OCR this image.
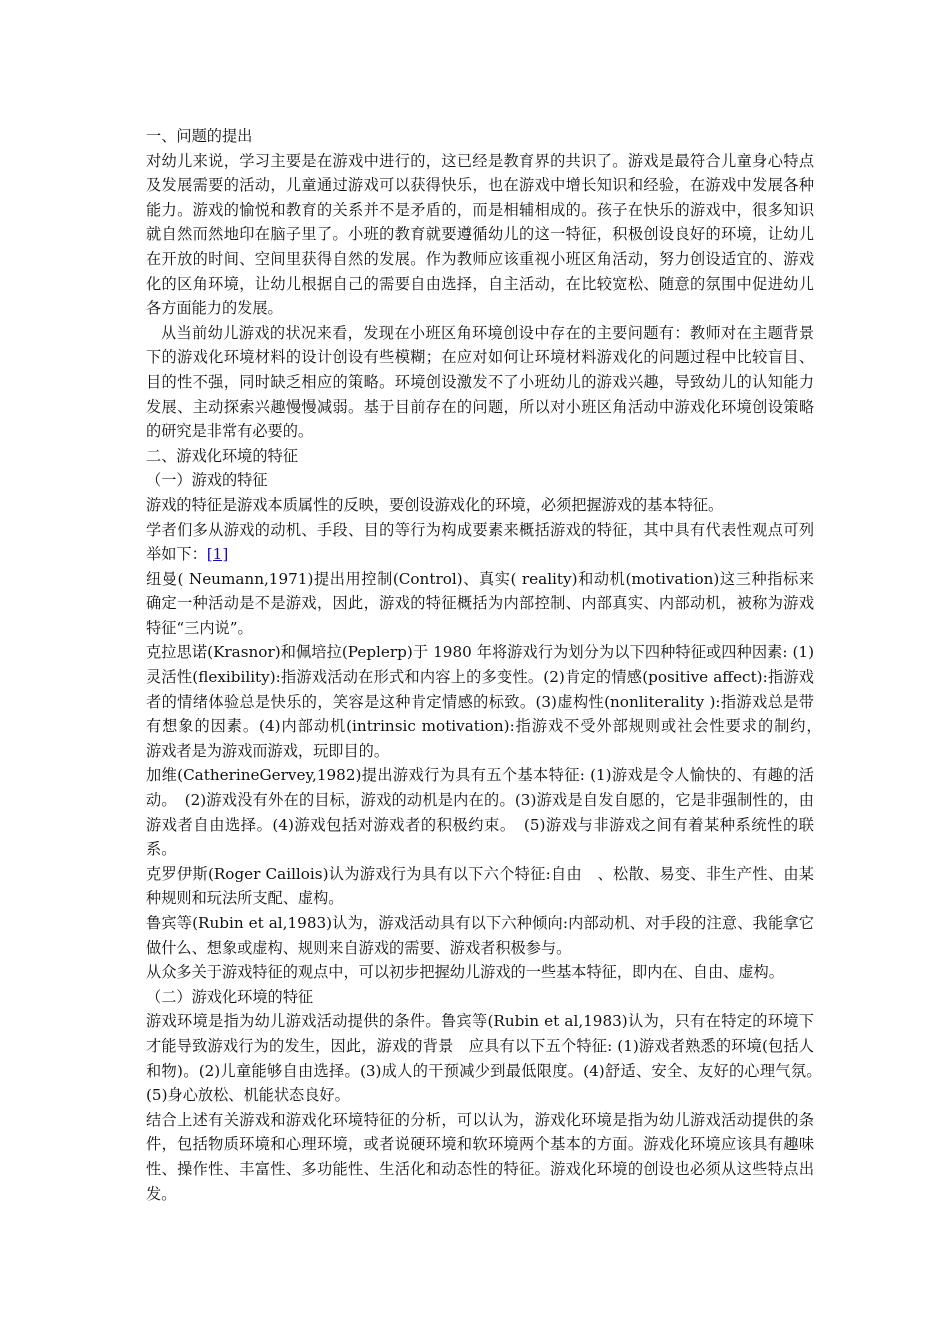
一、问题的提出

对幼儿来说，学习主要是在游戏中进行的，这已经是教育界的共识了。游戏是最符合儿童身心特点及发展需要的活动，儿童通过游戏可以获得快乐，也在游戏中增长知识和经验，在游戏中发展各种能力。游戏的愉悦和教育的关系并不是矛盾的，而是相辅相成的。孩子在快乐的游戏中，很多知识就自然而然地印在脑子里了。小班的教育就要遵循幼儿的这一特征，积极创设良好的环境，让幼儿在开放的时间、空间里获得自然的发展。作为教师应该重视小班区角活动，努力创设适宜的、游戏化的区角环境，让幼儿根据自己的需要自由选择，自主活动，在比较宽松、随意的氛围中促进幼儿各方面能力的发展。

从当前幼儿游戏的状况来看，发现在小班区角环境创设中存在的主要问题有：教师对在主题背景下的游戏化环境材料的设计创设有些模糊；在应对如何让环境材料游戏化的问题过程中比较盲目、目的性不强，同时缺乏相应的策略。环境创设激发不了小班幼儿的游戏兴趣，导致幼儿的认知能力发展、主动探索兴趣慢慢减弱。基于目前存在的问题，所以对小班区角活动中游戏化环境创设策略的研究是非常有必要的。

二、游戏化环境的特征

（一）游戏的特征

游戏的特征是游戏本质属性的反映，要创设游戏化的环境，必须把握游戏的基本特征。

学者们多从游戏的动机、手段、目的等行为构成要素来概括游戏的特征，其中具有代表性观点可列举如下：[1]

纽曼( Neumann,1971)提出用控制(Control)、真实( reality)和动机(motivation)这三种指标来确定一种活动是不是游戏，因此，游戏的特征概括为内部控制、内部真实、内部动机，被称为游戏特征“三内说”。

克拉思诺(Krasnor)和佩培拉(Peplerp)于 1980 年将游戏行为划分为以下四种特征或四种因素: (1)灵活性(flexibility):指游戏活动在形式和内容上的多变性。(2)肯定的情感(positive affect):指游戏者的情绪体验总是快乐的，笑容是这种肯定情感的标致。(3)虚构性(nonliterality ):指游戏总是带有想象的因素。(4)内部动机(intrinsic motivation):指游戏不受外部规则或社会性要求的制约，　 游戏者是为游戏而游戏，玩即目的。

加维(CatherineGervey,1982)提出游戏行为具有五个基本特征: (1)游戏是令人愉快的、有趣的活动。　(2)游戏没有外在的目标，游戏的动机是内在的。(3)游戏是自发自愿的，它是非强制性的，由游戏者自由选择。(4)游戏包括对游戏者的积极约束。　(5)游戏与非游戏之间有着某种系统性的联系。

克罗伊斯(Roger Caillois)认为游戏行为具有以下六个特征:自由　、松散、易变、非生产性、由某种规则和玩法所支配、虚构。

鲁宾等(Rubin et al,1983)认为，游戏活动具有以下六种倾向:内部动机、对手段的注意、我能拿它做什么、想象或虚构、规则来自游戏的需要、游戏者积极参与。

从众多关于游戏特征的观点中，可以初步把握幼儿游戏的一些基本特征，即内在、自由、虚构。

（二）游戏化环境的特征

游戏环境是指为幼儿游戏活动提供的条件。鲁宾等(Rubin et al,1983)认为，只有在特定的环境下才能导致游戏行为的发生，因此，游戏的背景　应具有以下五个特征: (1)游戏者熟悉的环境(包括人和物)。(2)儿童能够自由选择。(3)成人的干预减少到最低限度。(4)舒适、安全、友好的心理气氛。　(5)身心放松、机能状态良好。

结合上述有关游戏和游戏化环境特征的分析，可以认为，游戏化环境是指为幼儿游戏活动提供的条件，包括物质环境和心理环境，或者说硬环境和软环境两个基本的方面。游戏化环境应该具有趣味性、操作性、丰富性、多功能性、生活化和动态性的特征。游戏化环境的创设也必须从这些特点出发。
